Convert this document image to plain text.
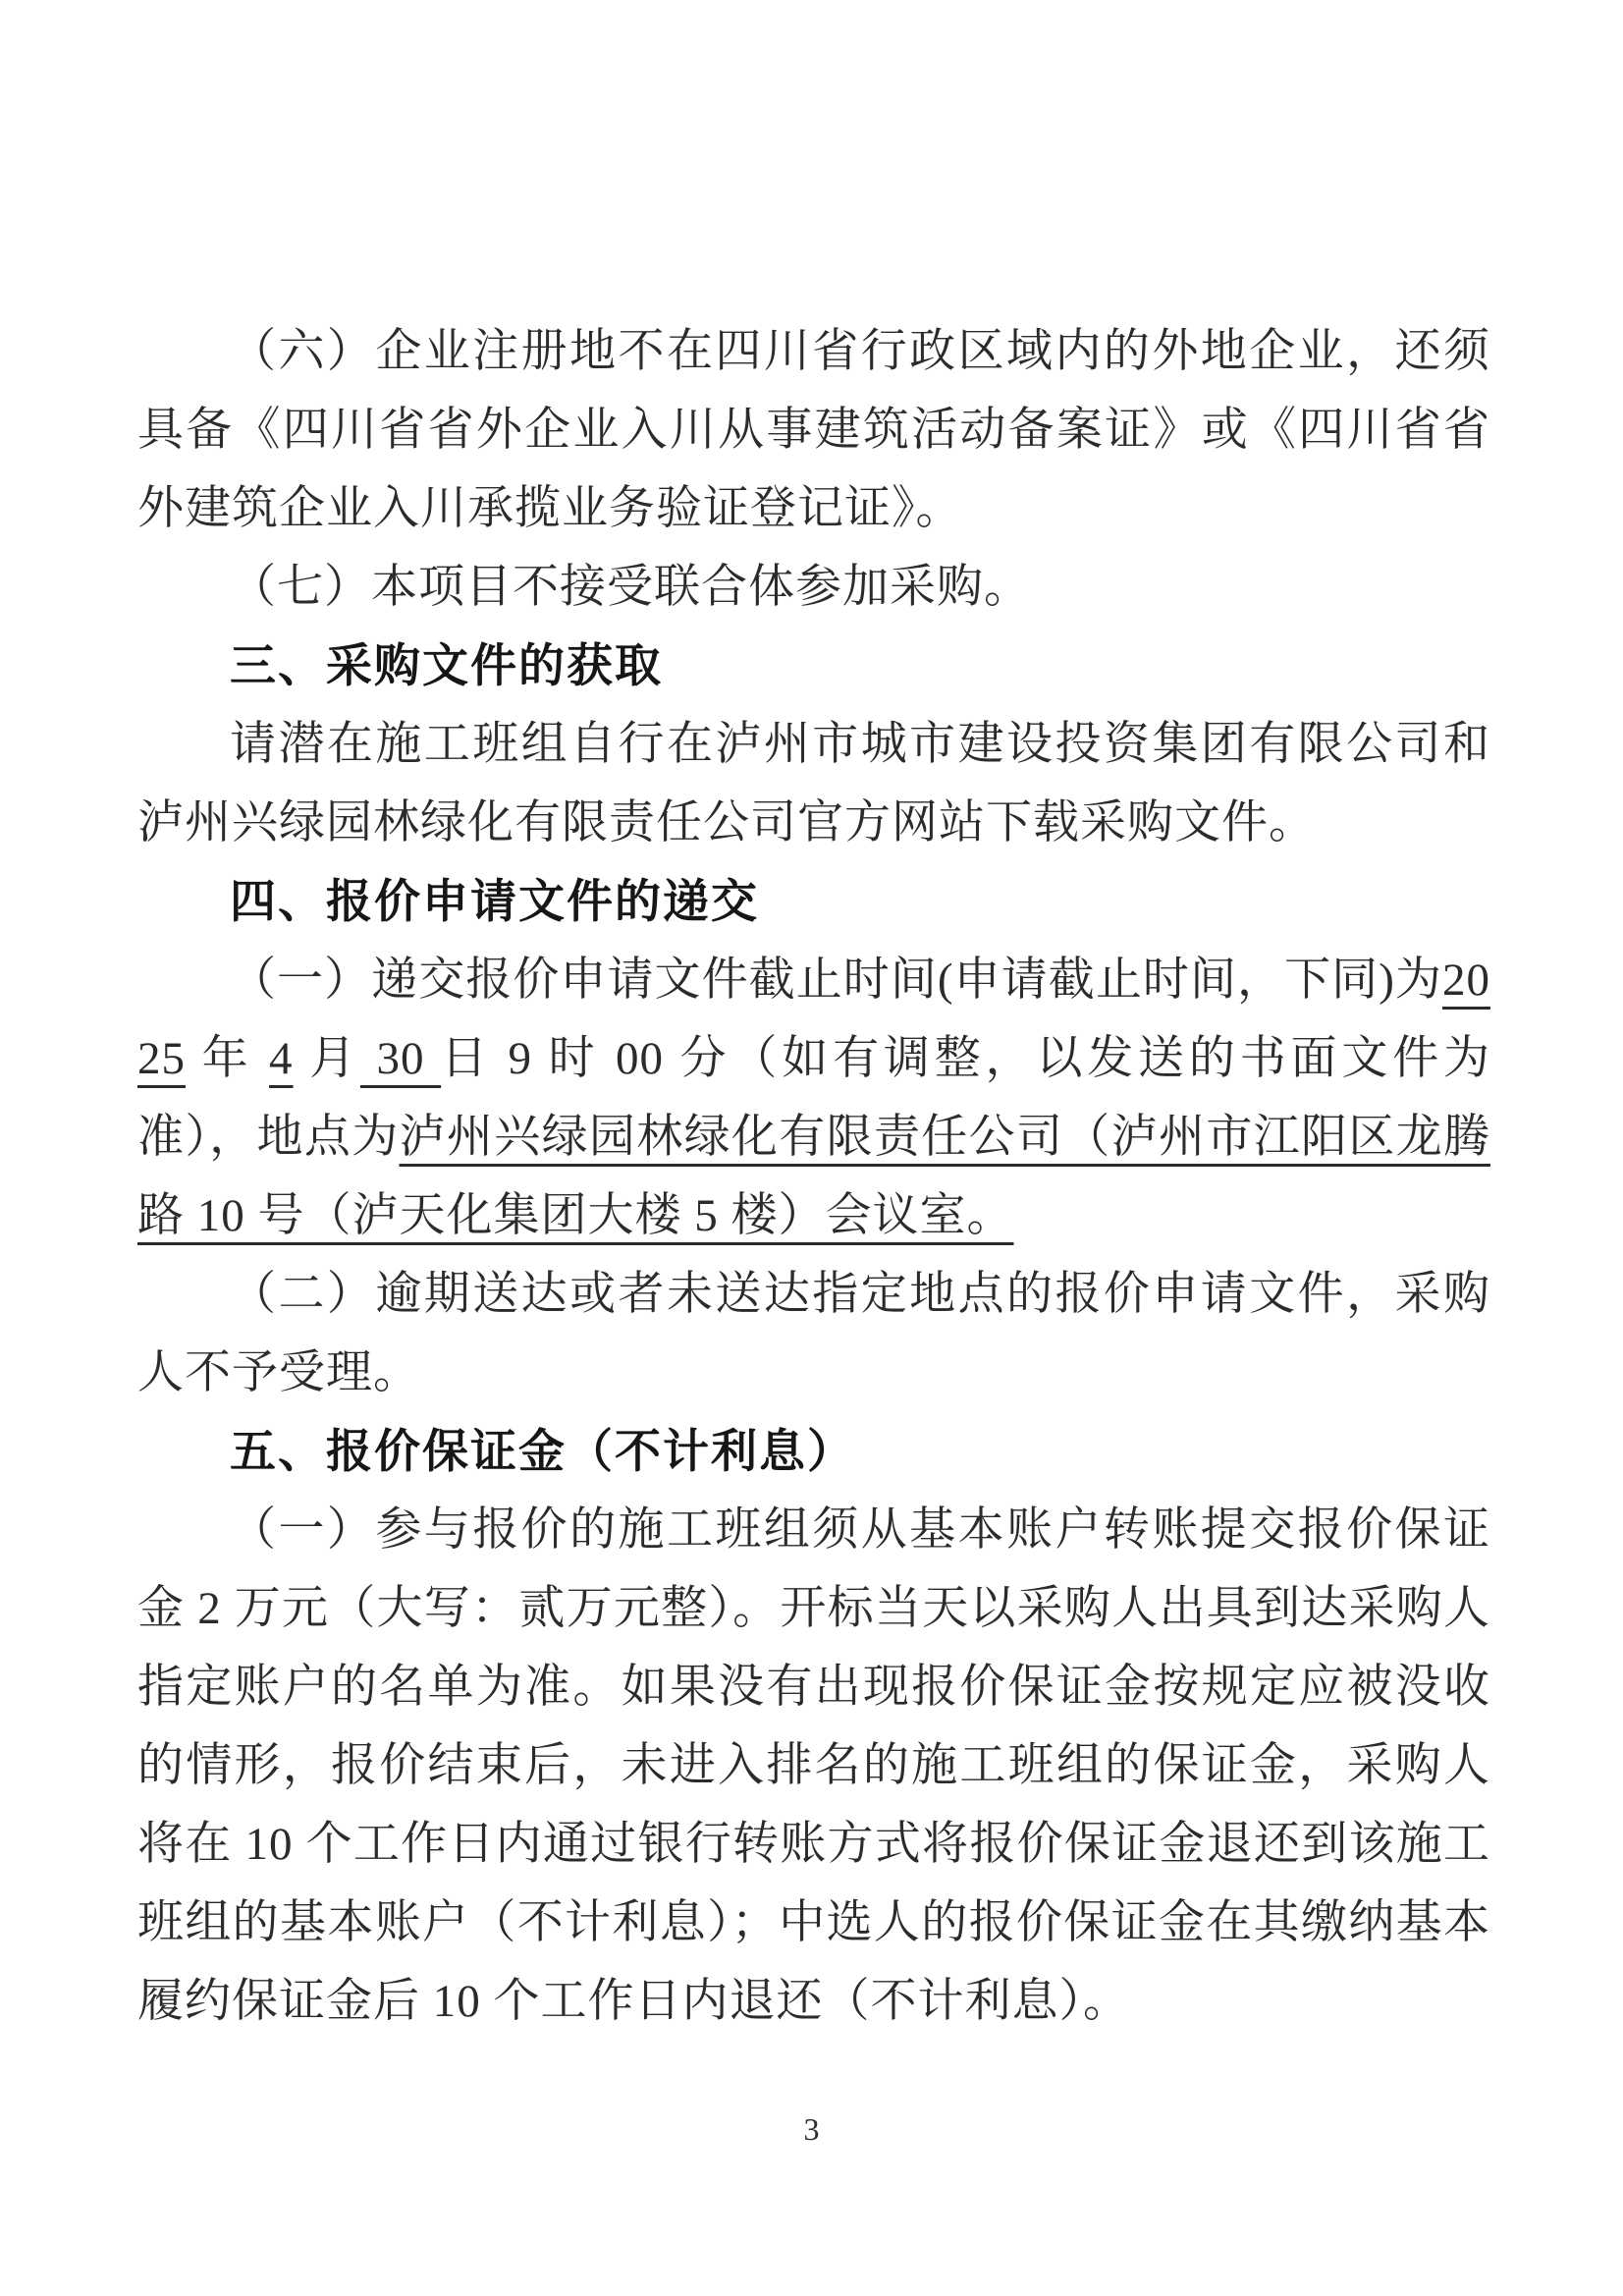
（六）企业注册地不在四川省行政区域内的外地企业，还须具备《四川省省外企业入川从事建筑活动备案证》或《四川省省外建筑企业入川承揽业务验证登记证》。

（七）本项目不接受联合体参加采购。

三、采购文件的获取

请潜在施工班组自行在泸州市城市建设投资集团有限公司和泸州兴绿园林绿化有限责任公司官方网站下载采购文件。

四、报价申请文件的递交

（一）递交报价申请文件截止时间(申请截止时间，下同)为2025 年 4 月 30 日 9 时 00 分（如有调整，以发送的书面文件为准），地点为泸州兴绿园林绿化有限责任公司（泸州市江阳区龙腾路 10 号（泸天化集团大楼 5 楼）会议室。

（二）逾期送达或者未送达指定地点的报价申请文件，采购人不予受理。

五、报价保证金（不计利息）

（一）参与报价的施工班组须从基本账户转账提交报价保证金 2 万元（大写：贰万元整）。开标当天以采购人出具到达采购人指定账户的名单为准。如果没有出现报价保证金按规定应被没收的情形，报价结束后，未进入排名的施工班组的保证金，采购人将在 10 个工作日内通过银行转账方式将报价保证金退还到该施工班组的基本账户（不计利息）；中选人的报价保证金在其缴纳基本履约保证金后 10 个工作日内退还（不计利息）。

3
